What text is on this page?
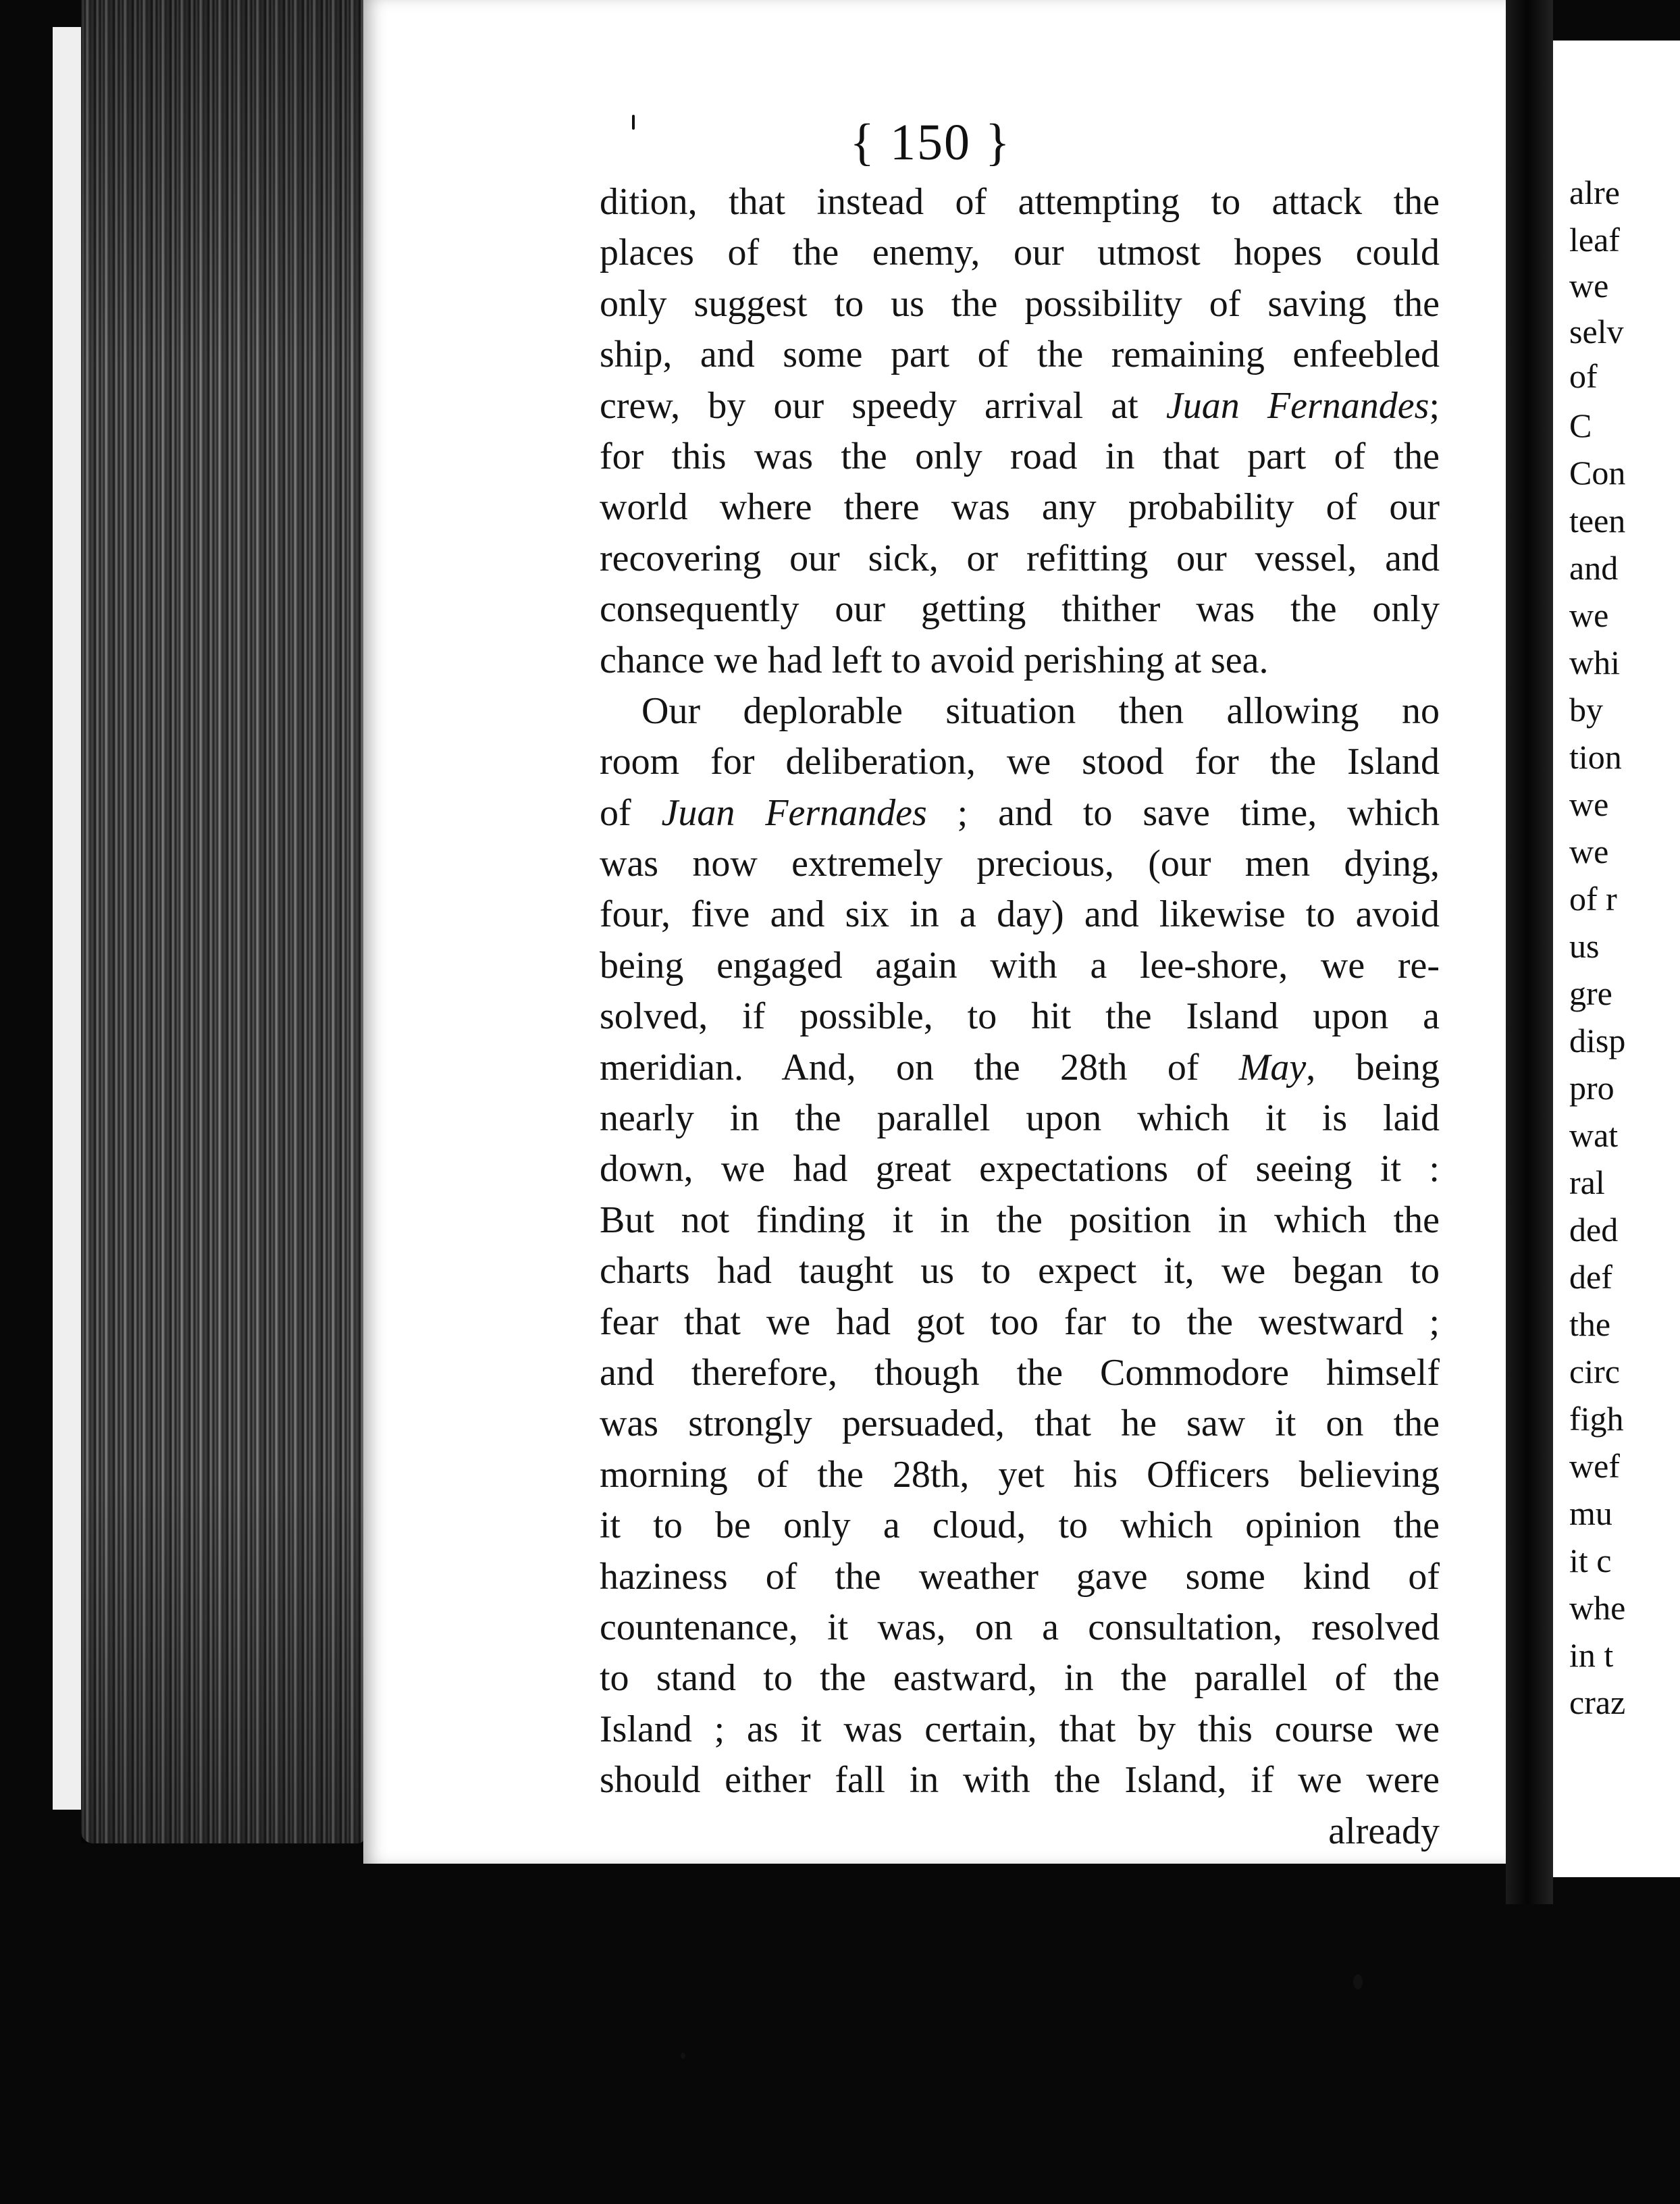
{ 150 }
dition, that instead of attempting to attack the
places of the enemy, our utmost hopes could
only suggest to us the possibility of saving the
ship, and some part of the remaining enfeebled
crew, by our speedy arrival at Juan Fernandes;
for this was the only road in that part of the
world where there was any probability of our
recovering our sick, or refitting our vessel, and
consequently our getting thither was the only
chance we had left to avoid perishing at sea.
Our deplorable situation then allowing no
room for deliberation, we stood for the Island
of Juan Fernandes ; and to save time, which
was now extremely precious, (our men dying,
four, five and six in a day) and likewise to avoid
being engaged again with a lee-shore, we re-
solved, if possible, to hit the Island upon a
meridian. And, on the 28th of May, being
nearly in the parallel upon which it is laid
down, we had great expectations of seeing it :
But not finding it in the position in which the
charts had taught us to expect it, we began to
fear that we had got too far to the westward ;
and therefore, though the Commodore himself
was strongly persuaded, that he saw it on the
morning of the 28th, yet his Officers believing
it to be only a cloud, to which opinion the
haziness of the weather gave some kind of
countenance, it was, on a consultation, resolved
to stand to the eastward, in the parallel of the
Island ; as it was certain, that by this course we
should either fall in with the Island, if we were
already
alre
leaf
we
selv
of
C
Con
teen
and
we
whi
by
tion
we
we
of r
us
gre
disp
pro
wat
ral
ded
def
the
circ
figh
wef
mu
it c
whe
in t
craz
